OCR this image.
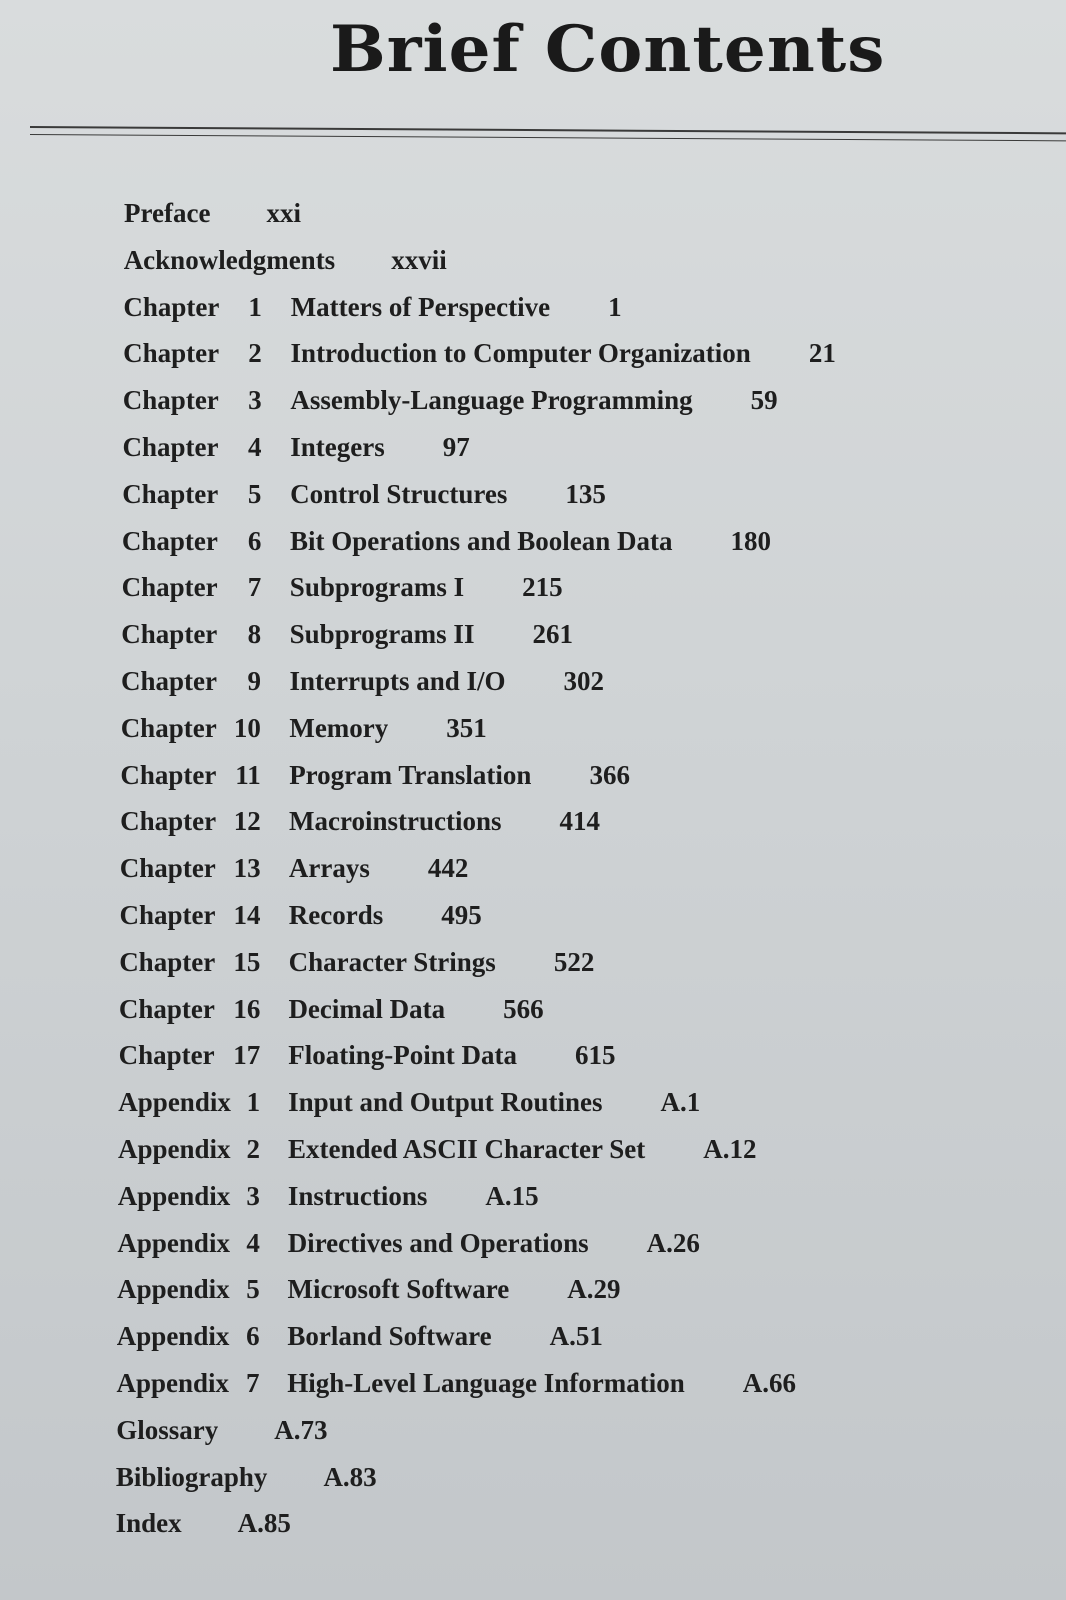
Brief Contents
Preface xxi
Acknowledgments xxvii
Chapter 1 Matters of Perspective 1
Chapter 2 Introduction to Computer Organization 21
Chapter 3 Assembly-Language Programming 59
Chapter 4 Integers 97
Chapter 5 Control Structures 135
Chapter 6 Bit Operations and Boolean Data 180
Chapter 7 Subprograms I 215
Chapter 8 Subprograms II 261
Chapter 9 Interrupts and I/O 302
Chapter 10 Memory 351
Chapter 11 Program Translation 366
Chapter 12 Macroinstructions 414
Chapter 13 Arrays 442
Chapter 14 Records 495
Chapter 15 Character Strings 522
Chapter 16 Decimal Data 566
Chapter 17 Floating-Point Data 615
Appendix 1 Input and Output Routines A.1
Appendix 2 Extended ASCII Character Set A.12
Appendix 3 Instructions A.15
Appendix 4 Directives and Operations A.26
Appendix 5 Microsoft Software A.29
Appendix 6 Borland Software A.51
Appendix 7 High-Level Language Information A.66
Glossary A.73
Bibliography A.83
Index A.85
